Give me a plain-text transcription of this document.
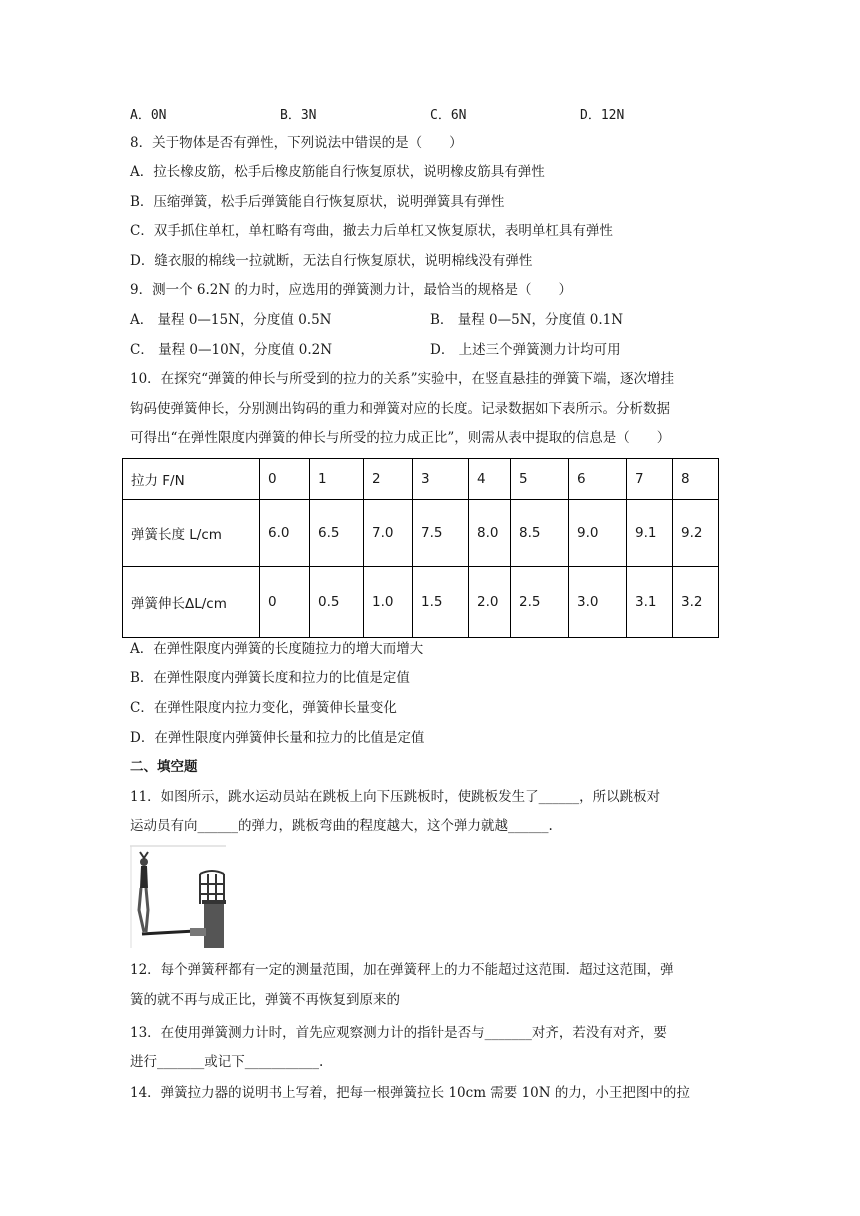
A．0N	B．3N	C．6N	D．12N
8．关于物体是否有弹性，下列说法中错误的是（　　）
A．拉长橡皮筋，松手后橡皮筋能自行恢复原状，说明橡皮筋具有弹性
B．压缩弹簧，松手后弹簧能自行恢复原状，说明弹簧具有弹性
C．双手抓住单杠，单杠略有弯曲，撤去力后单杠又恢复原状，表明单杠具有弹性
D．缝衣服的棉线一拉就断，无法自行恢复原状，说明棉线没有弹性
9．测一个 6.2N 的力时，应选用的弹簧测力计，最恰当的规格是（　　）
A． 量程 0—15N，分度值 0.5N	B． 量程 0—5N，分度值 0.1N
C． 量程 0—10N，分度值 0.2N	D． 上述三个弹簧测力计均可用
10．在探究“弹簧的伸长与所受到的拉力的关系”实验中，在竖直悬挂的弹簧下端，逐次增挂
钩码使弹簧伸长，分别测出钩码的重力和弹簧对应的长度。记录数据如下表所示。分析数据
可得出“在弹性限度内弹簧的伸长与所受的拉力成正比”，则需从表中提取的信息是（　　）
拉力 F/N	0	1	2	3	4	5	6	7	8
弹簧长度 L/cm	6.0	6.5	7.0	7.5	8.0	8.5	9.0	9.1	9.2
弹簧伸长ΔL/cm	0	0.5	1.0	1.5	2.0	2.5	3.0	3.1	3.2
A．在弹性限度内弹簧的长度随拉力的增大而增大
B．在弹性限度内弹簧长度和拉力的比值是定值
C．在弹性限度内拉力变化，弹簧伸长量变化
D．在弹性限度内弹簧伸长量和拉力的比值是定值
二、填空题
11．如图所示，跳水运动员站在跳板上向下压跳板时，使跳板发生了______，所以跳板对
运动员有向______的弹力，跳板弯曲的程度越大，这个弹力就越______.
12．每个弹簧秤都有一定的测量范围，加在弹簧秤上的力不能超过这范围．超过这范围，弹
簧的就不再与成正比，弹簧不再恢复到原来的
13．在使用弹簧测力计时，首先应观察测力计的指针是否与_______对齐，若没有对齐，要
进行_______或记下___________.
14．弹簧拉力器的说明书上写着，把每一根弹簧拉长 10cm 需要 10N 的力，小王把图中的拉
